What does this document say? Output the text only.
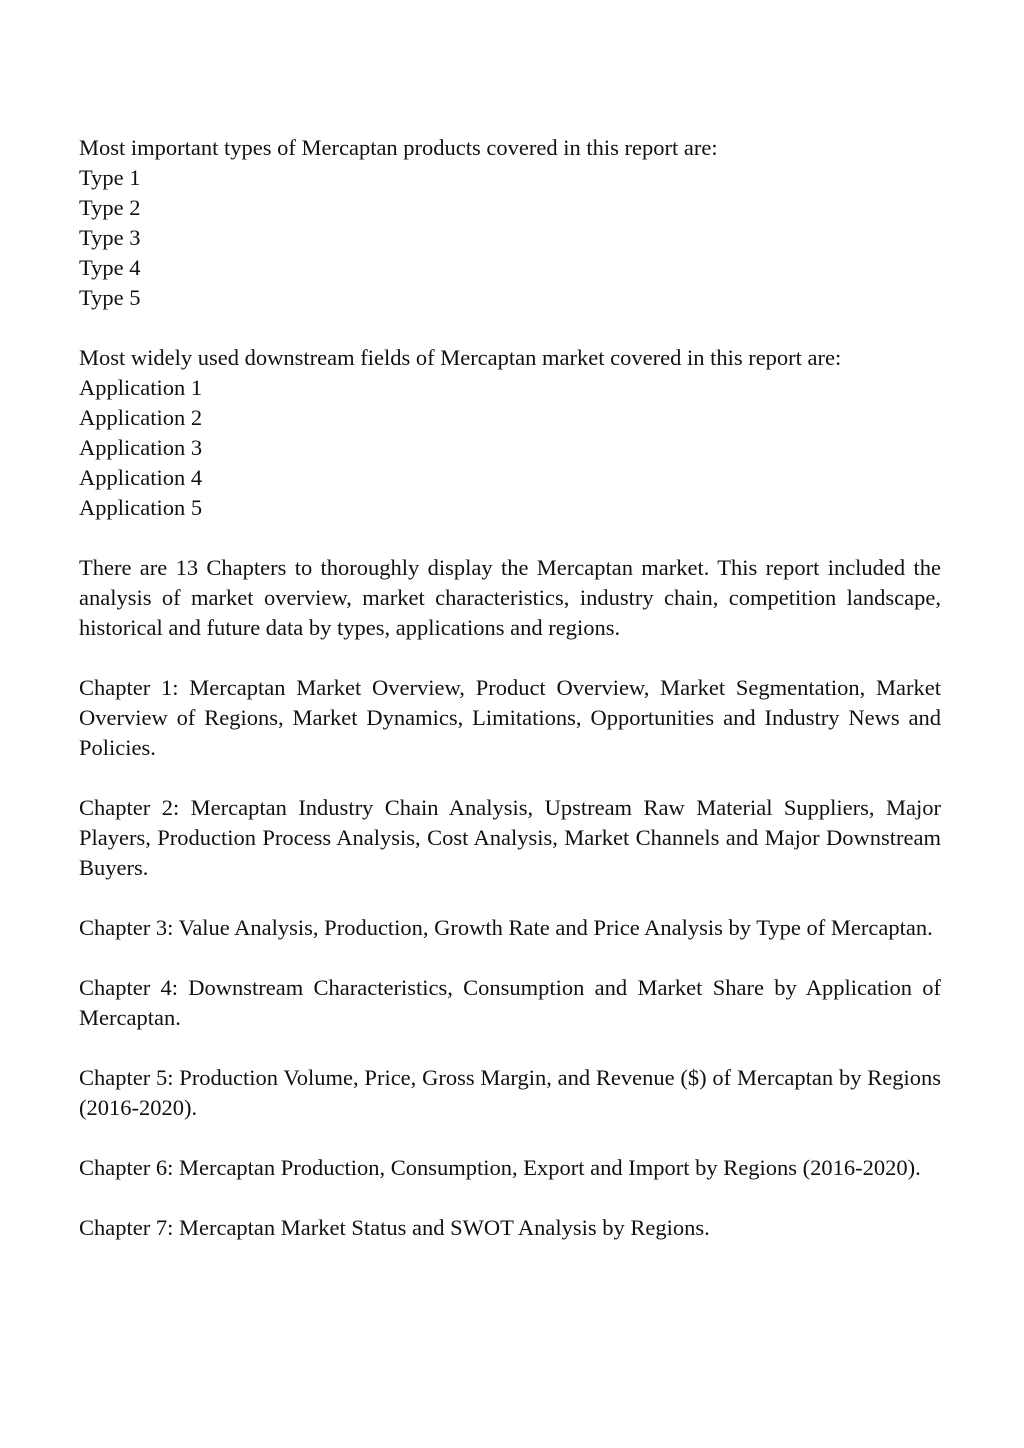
Most important types of Mercaptan products covered in this report are:
Type 1
Type 2
Type 3
Type 4
Type 5
Most widely used downstream fields of Mercaptan market covered in this report are:
Application 1
Application 2
Application 3
Application 4
Application 5

There are 13 Chapters to thoroughly display the Mercaptan market. This report included the analysis of market overview, market characteristics, industry chain, competition landscape, historical and future data by types, applications and regions.

Chapter 1: Mercaptan Market Overview, Product Overview, Market Segmentation, Market Overview of Regions, Market Dynamics, Limitations, Opportunities and Industry News and Policies.

Chapter 2: Mercaptan Industry Chain Analysis, Upstream Raw Material Suppliers, Major Players, Production Process Analysis, Cost Analysis, Market Channels and Major Downstream Buyers.

Chapter 3: Value Analysis, Production, Growth Rate and Price Analysis by Type of Mercaptan.

Chapter 4: Downstream Characteristics, Consumption and Market Share by Application of Mercaptan.

Chapter 5: Production Volume, Price, Gross Margin, and Revenue ($) of Mercaptan by Regions (2016-2020).

Chapter 6: Mercaptan Production, Consumption, Export and Import by Regions (2016-2020).

Chapter 7: Mercaptan Market Status and SWOT Analysis by Regions.
